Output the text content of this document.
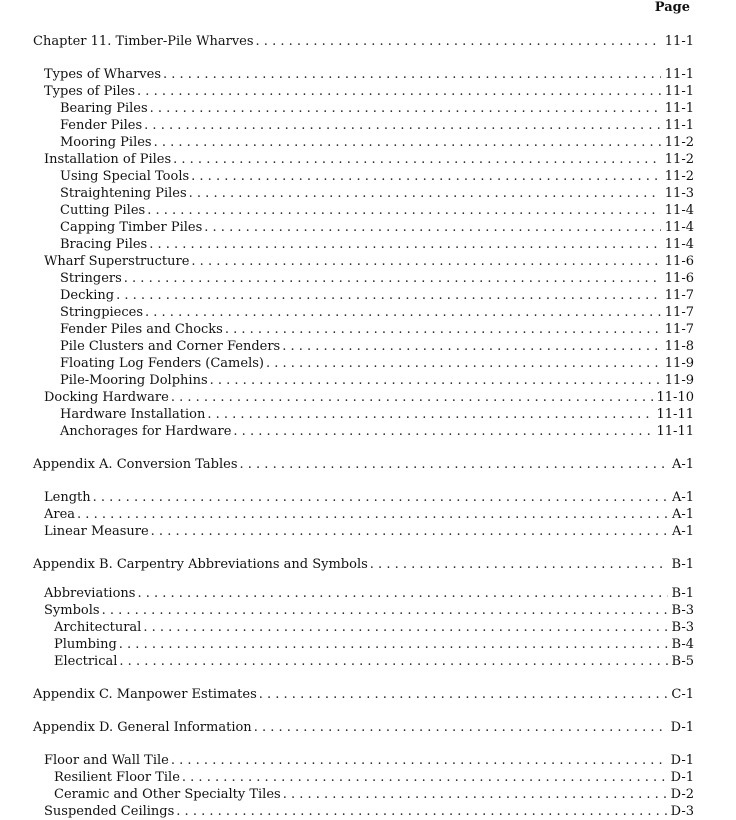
Page
Chapter 11. Timber-Pile Wharves . . .	11-1
Types of Wharves . . .	11-1
Types of Piles . . .	11-1
Bearing Piles . . .	11-1
Fender Piles . . .	11-1
Mooring Piles . . .	11-2
Installation of Piles . . .	11-2
Using Special Tools . . .	11-2
Straightening Piles . . .	11-3
Cutting Piles . . .	11-4
Capping Timber Piles . . .	11-4
Bracing Piles . . .	11-4
Wharf Superstructure . . .	11-6
Stringers . . .	11-6
Decking . . .	11-7
Stringpieces . . .	11-7
Fender Piles and Chocks . . .	11-7
Pile Clusters and Corner Fenders . . .	11-8
Floating Log Fenders (Camels) . . .	11-9
Pile-Mooring Dolphins . . .	11-9
Docking Hardware . . .	11-10
Hardware Installation . . .	11-11
Anchorages for Hardware . . .	11-11
Appendix A. Conversion Tables . . .	A-1
Length . . .	A-1
Area . . .	A-1
Linear Measure . . .	A-1
Appendix B. Carpentry Abbreviations and Symbols . . .	B-1
Abbreviations . . .	B-1
Symbols . . .	B-3
Architectural . . .	B-3
Plumbing . . .	B-4
Electrical . . .	B-5
Appendix C. Manpower Estimates . . .	C-1
Appendix D. General Information . . .	D-1
Floor and Wall Tile . . .	D-1
Resilient Floor Tile . . .	D-1
Ceramic and Other Specialty Tiles . . .	D-2
Suspended Ceilings . . .	D-3
